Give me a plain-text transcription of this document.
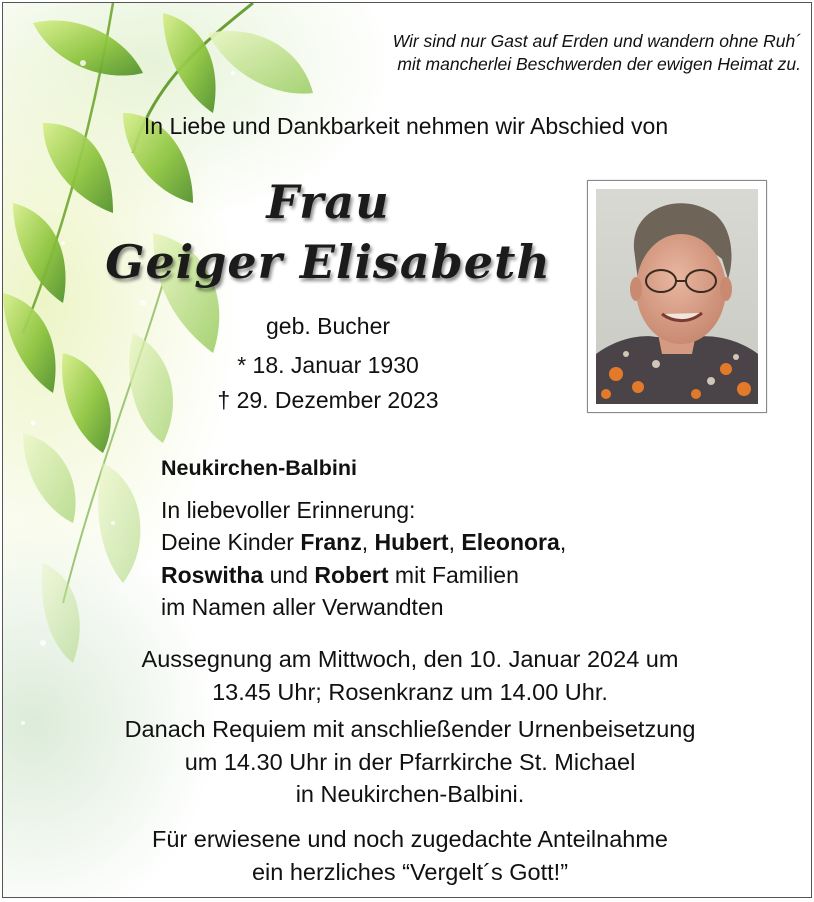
Wir sind nur Gast auf Erden und wandern ohne Ruh´
mit mancherlei Beschwerden der ewigen Heimat zu.
In Liebe und Dankbarkeit nehmen wir Abschied von
Frau
Geiger Elisabeth
geb. Bucher
* 18. Januar 1930
† 29. Dezember 2023
Neukirchen-Balbini
In liebevoller Erinnerung:
Deine Kinder Franz, Hubert, Eleonora,
Roswitha und Robert mit Familien
im Namen aller Verwandten
Aussegnung am Mittwoch, den 10. Januar 2024 um
13.45 Uhr; Rosenkranz um 14.00 Uhr.
Danach Requiem mit anschließender Urnenbeisetzung
um 14.30 Uhr in der Pfarrkirche St. Michael
in Neukirchen-Balbini.
Für erwiesene und noch zugedachte Anteilnahme
ein herzliches “Vergelt´s Gott!”
